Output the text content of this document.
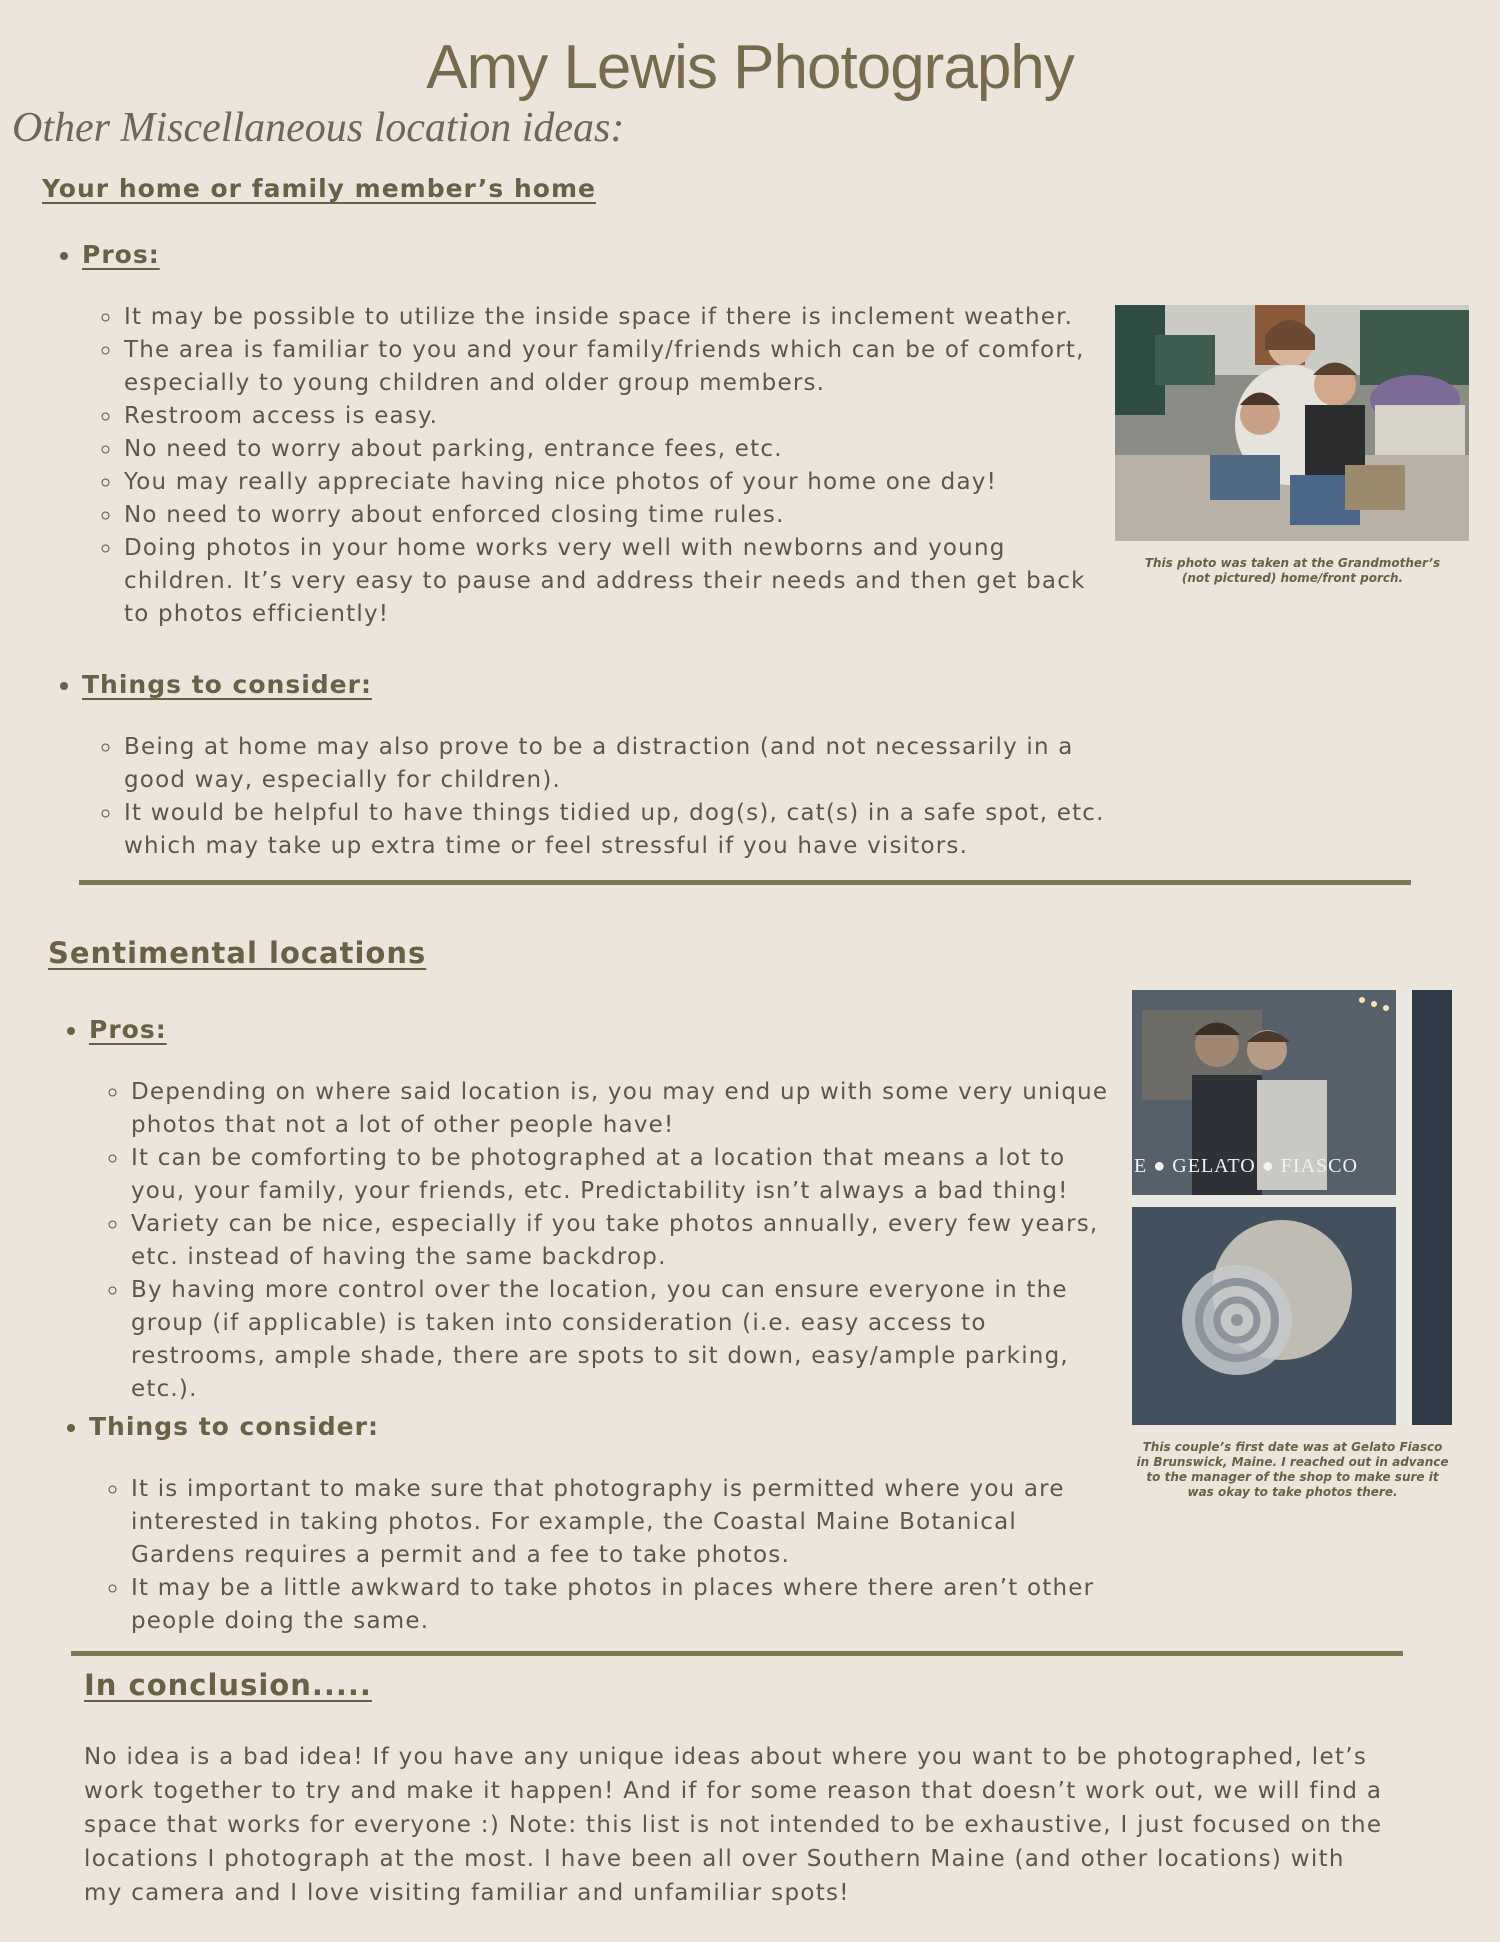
Amy Lewis Photography
Other Miscellaneous location ideas:
Your home or family member’s home
• Pros:
◦ It may be possible to utilize the inside space if there is inclement weather.
◦ The area is familiar to you and your family/friends which can be of comfort, especially to young children and older group members.
◦ Restroom access is easy.
◦ No need to worry about parking, entrance fees, etc.
◦ You may really appreciate having nice photos of your home one day!
◦ No need to worry about enforced closing time rules.
◦ Doing photos in your home works very well with newborns and young children. It’s very easy to pause and address their needs and then get back to photos efficiently!
• Things to consider:
◦ Being at home may also prove to be a distraction (and not necessarily in a good way, especially for children).
◦ It would be helpful to have things tidied up, dog(s), cat(s) in a safe spot, etc. which may take up extra time or feel stressful if you have visitors.
This photo was taken at the Grandmother’s (not pictured) home/front porch.
Sentimental locations
• Pros:
◦ Depending on where said location is, you may end up with some very unique photos that not a lot of other people have!
◦ It can be comforting to be photographed at a location that means a lot to you, your family, your friends, etc. Predictability isn’t always a bad thing!
◦ Variety can be nice, especially if you take photos annually, every few years, etc. instead of having the same backdrop.
◦ By having more control over the location, you can ensure everyone in the group (if applicable) is taken into consideration (i.e. easy access to restrooms, ample shade, there are spots to sit down, easy/ample parking, etc.).
• Things to consider:
◦ It is important to make sure that photography is permitted where you are interested in taking photos. For example, the Coastal Maine Botanical Gardens requires a permit and a fee to take photos.
◦ It may be a little awkward to take photos in places where there aren’t other people doing the same.
E ● GELATO ● FIASCO
This couple’s first date was at Gelato Fiasco in Brunswick, Maine. I reached out in advance to the manager of the shop to make sure it was okay to take photos there.
In conclusion.....
No idea is a bad idea! If you have any unique ideas about where you want to be photographed, let’s work together to try and make it happen! And if for some reason that doesn’t work out, we will find a space that works for everyone :) Note: this list is not intended to be exhaustive, I just focused on the locations I photograph at the most. I have been all over Southern Maine (and other locations) with my camera and I love visiting familiar and unfamiliar spots!
